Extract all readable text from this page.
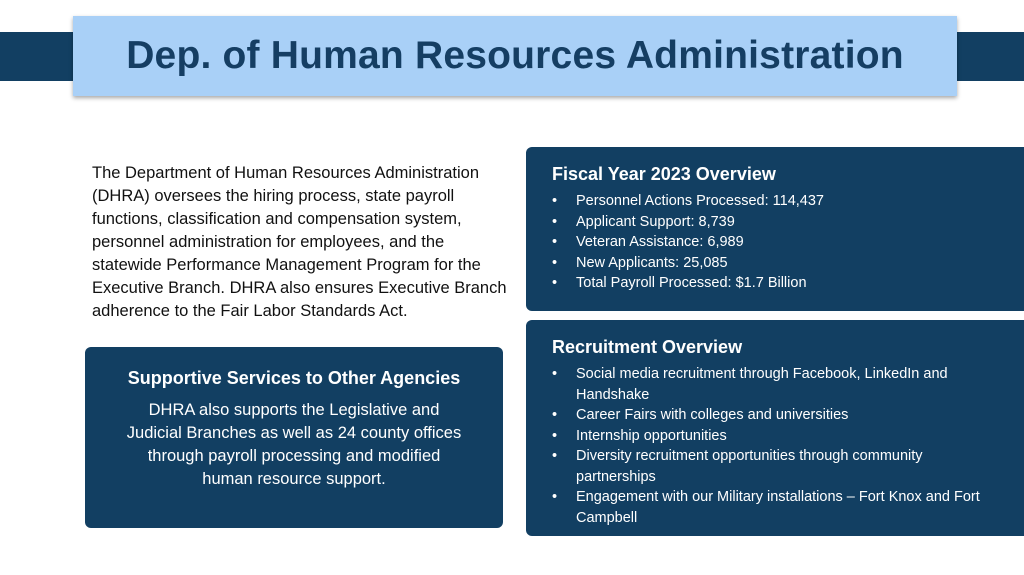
Dep. of Human Resources Administration
The Department of Human Resources Administration (DHRA) oversees the hiring process, state payroll functions, classification and compensation system, personnel administration for employees, and the statewide Performance Management Program for the Executive Branch. DHRA also ensures Executive Branch adherence to the Fair Labor Standards Act.
Supportive Services to Other Agencies

DHRA also supports the Legislative and Judicial Branches as well as 24 county offices through payroll processing and modified human resource support.

Fiscal Year 2023 Overview
• Personnel Actions Processed: 114,437
• Applicant Support: 8,739
• Veteran Assistance: 6,989
• New Applicants: 25,085
• Total Payroll Processed: $1.7 Billion
Recruitment Overview
• Social media recruitment through Facebook, LinkedIn and Handshake
• Career Fairs with colleges and universities
• Internship opportunities
• Diversity recruitment opportunities through community partnerships
• Engagement with our Military installations – Fort Knox and Fort Campbell
